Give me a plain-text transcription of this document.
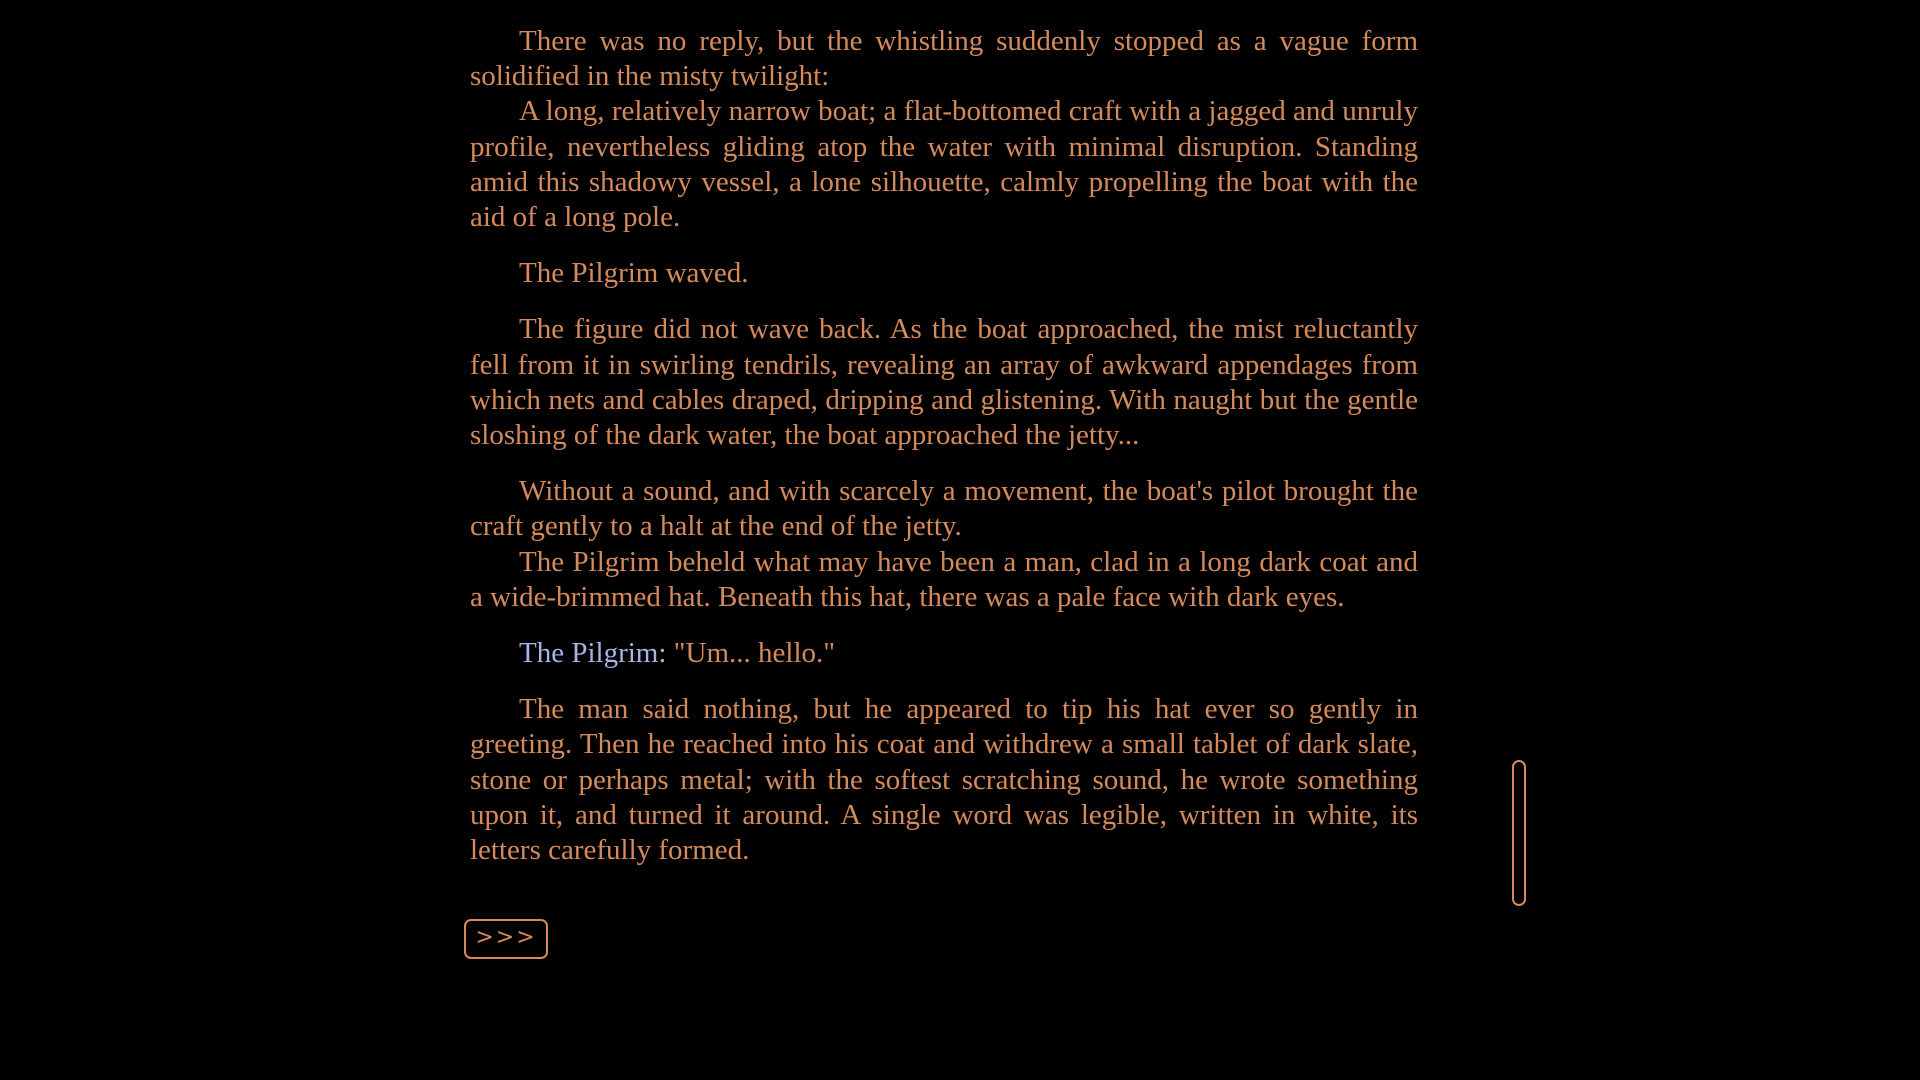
There was no reply, but the whistling suddenly stopped as a vague form solidified in the misty twilight:

A long, relatively narrow boat; a flat-bottomed craft with a jagged and unruly profile, nevertheless gliding atop the water with minimal disruption. Standing amid this shadowy vessel, a lone silhouette, calmly propelling the boat with the aid of a long pole.

The Pilgrim waved.

The figure did not wave back. As the boat approached, the mist reluctantly fell from it in swirling tendrils, revealing an array of awkward appendages from which nets and cables draped, dripping and glistening. With naught but the gentle sloshing of the dark water, the boat approached the jetty...

Without a sound, and with scarcely a movement, the boat's pilot brought the craft gently to a halt at the end of the jetty.

The Pilgrim beheld what may have been a man, clad in a long dark coat and a wide-brimmed hat. Beneath this hat, there was a pale face with dark eyes.

The Pilgrim: "Um... hello."

The man said nothing, but he appeared to tip his hat ever so gently in greeting. Then he reached into his coat and withdrew a small tablet of dark slate, stone or perhaps metal; with the softest scratching sound, he wrote something upon it, and turned it around. A single word was legible, written in white, its letters carefully formed.

>>>
